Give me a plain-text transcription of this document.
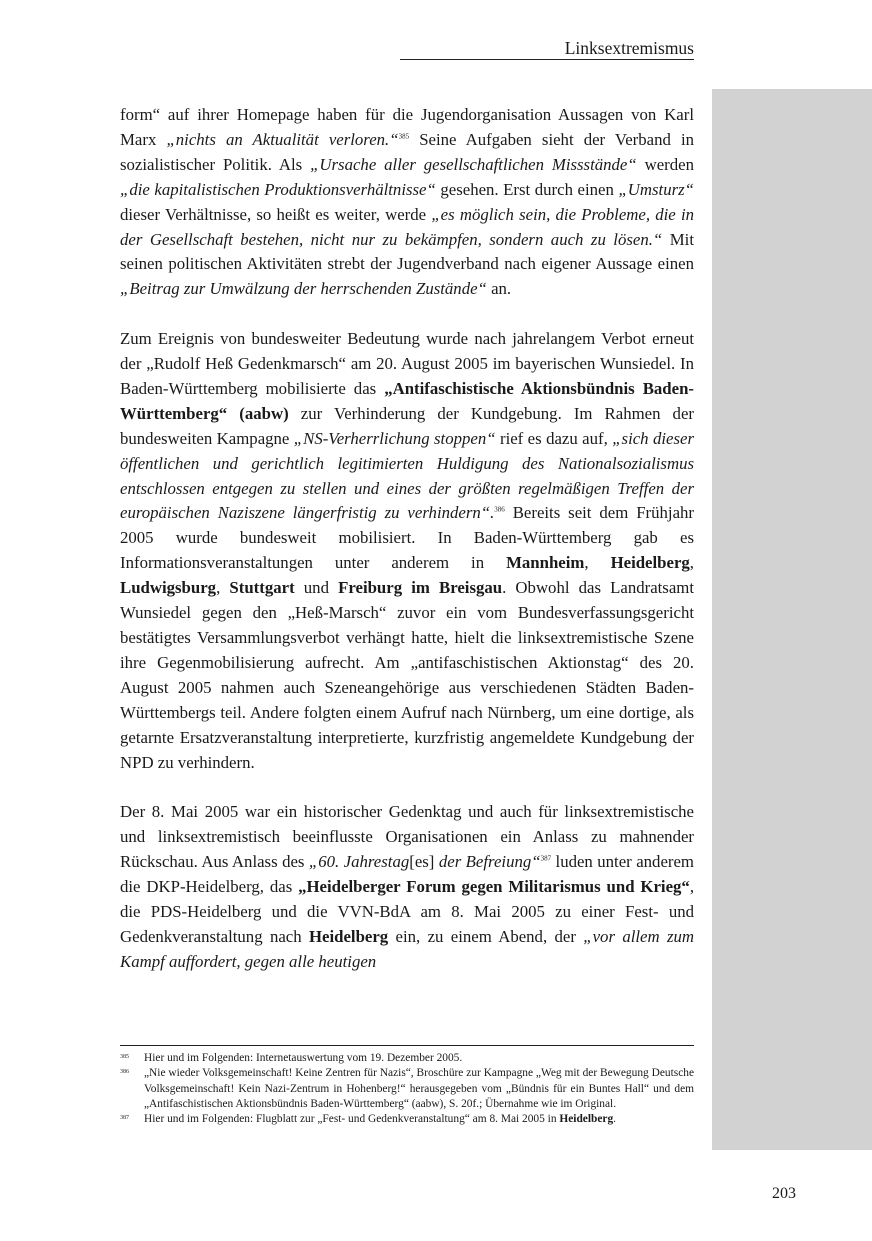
Linksextremismus

form“ auf ihrer Homepage haben für die Jugendorganisation Aussagen von Karl Marx „nichts an Aktualität verloren.“$^{385}$ Seine Aufgaben sieht der Verband in sozialistischer Politik. Als „Ursache aller gesellschaftlichen Missstände“ werden „die kapitalistischen Produktionsverhältnisse“ gesehen. Erst durch einen „Umsturz“ dieser Verhältnisse, so heißt es weiter, werde „es möglich sein, die Probleme, die in der Gesellschaft bestehen, nicht nur zu bekämpfen, sondern auch zu lösen.“ Mit seinen politischen Aktivitäten strebt der Jugendverband nach eigener Aussage einen „Beitrag zur Umwälzung der herrschenden Zustände“ an.

Zum Ereignis von bundesweiter Bedeutung wurde nach jahrelangem Verbot erneut der „Rudolf Heß Gedenkmarsch“ am 20. August 2005 im bayerischen Wunsiedel. In Baden-Württemberg mobilisierte das „Antifaschistische Aktionsbündnis Baden-Württemberg“ (aabw) zur Verhinderung der Kundgebung. Im Rahmen der bundesweiten Kampagne „NS-Verherrlichung stoppen“ rief es dazu auf, „sich dieser öffentlichen und gerichtlich legitimierten Huldigung des Nationalsozialismus entschlossen entgegen zu stellen und eines der größten regelmäßigen Treffen der europäischen Naziszene längerfristig zu verhindern“.$^{386}$ Bereits seit dem Frühjahr 2005 wurde bundesweit mobilisiert. In Baden-Württemberg gab es Informationsveranstaltungen unter anderem in Mannheim, Heidelberg, Ludwigsburg, Stuttgart und Freiburg im Breisgau. Obwohl das Landratsamt Wunsiedel gegen den „Heß-Marsch“ zuvor ein vom Bundesverfassungsgericht bestätigtes Versammlungsverbot verhängt hatte, hielt die linksextremistische Szene ihre Gegenmobilisierung aufrecht. Am „antifaschistischen Aktionstag“ des 20. August 2005 nahmen auch Szeneangehörige aus verschiedenen Städten Baden-Württembergs teil. Andere folgten einem Aufruf nach Nürnberg, um eine dortige, als getarnte Ersatzveranstaltung interpretierte, kurzfristig angemeldete Kundgebung der NPD zu verhindern.

Der 8. Mai 2005 war ein historischer Gedenktag und auch für linksextremistische und linksextremistisch beeinflusste Organisationen ein Anlass zu mahnender Rückschau. Aus Anlass des „60. Jahrestag[es] der Befreiung“$^{387}$ luden unter anderem die DKP-Heidelberg, das „Heidelberger Forum gegen Militarismus und Krieg“, die PDS-Heidelberg und die VVN-BdA am 8. Mai 2005 zu einer Fest- und Gedenkveranstaltung nach Heidelberg ein, zu einem Abend, der „vor allem zum Kampf auffordert, gegen alle heutigen

385 Hier und im Folgenden: Internetauswertung vom 19. Dezember 2005.
386 „Nie wieder Volksgemeinschaft! Keine Zentren für Nazis“, Broschüre zur Kampagne „Weg mit der Bewegung Deutsche Volksgemeinschaft! Kein Nazi-Zentrum in Hohenberg!“ herausgegeben vom „Bündnis für ein Buntes Hall“ und dem „Antifaschistischen Aktionsbündnis Baden-Württemberg“ (aabw), S. 20f.; Übernahme wie im Original.
387 Hier und im Folgenden: Flugblatt zur „Fest- und Gedenkveranstaltung“ am 8. Mai 2005 in Heidelberg.
203
